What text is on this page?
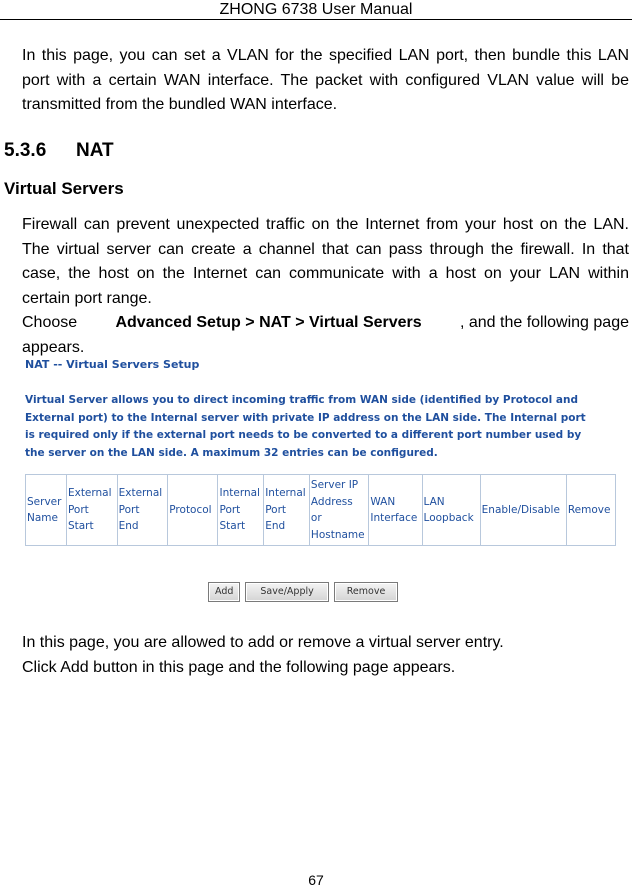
ZHONG 6738 User Manual

In this page, you can set a VLAN for the specified LAN port, then bundle this LAN port with a certain WAN interface. The packet with configured VLAN value will be transmitted from the bundled WAN interface.

5.3.6 NAT
Virtual Servers

Firewall can prevent unexpected traffic on the Internet from your host on the LAN. The virtual server can create a channel that can pass through the firewall. In that case, the host on the Internet can communicate with a host on your LAN within certain port range.

Choose Advanced Setup > NAT > Virtual Servers , and the following page
appears.
NAT -- Virtual Servers Setup
Virtual Server allows you to direct incoming traffic from WAN side (identified by Protocol and
External port) to the Internal server with private IP address on the LAN side. The Internal port
is required only if the external port needs to be converted to a different port number used by
the server on the LAN side. A maximum 32 entries can be configured.
Server
Name

External
Port
Start

External
Port
End

Protocol

Internal
Port
Start

Internal
Port
End

Server IP
Address
or
Hostname

WAN
Interface

LAN
Loopback

Enable/Disable	Remove
Add	Save/Apply	Remove

In this page, you are allowed to add or remove a virtual server entry.

Click Add button in this page and the following page appears.

67
